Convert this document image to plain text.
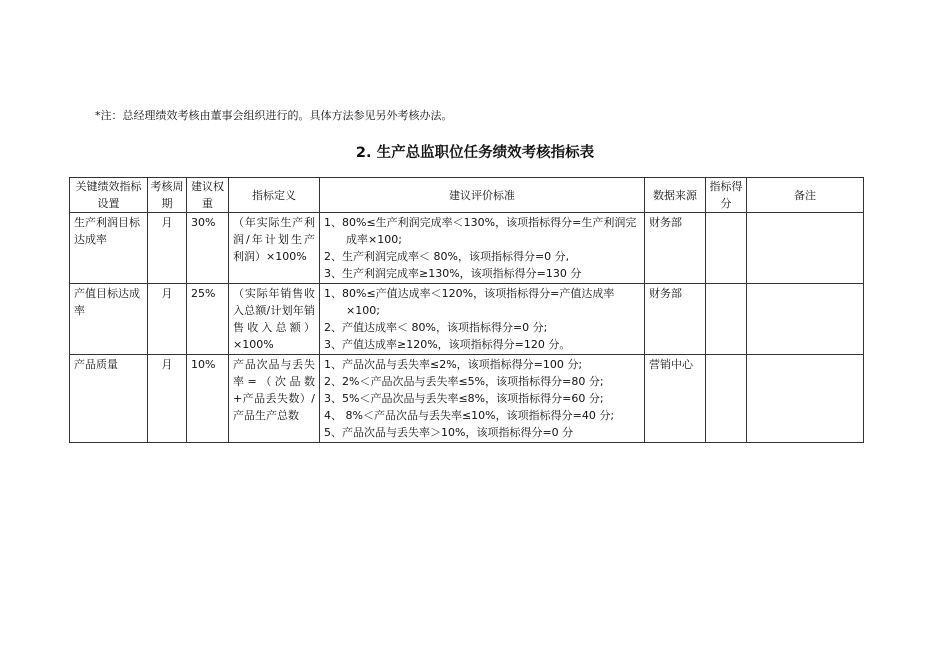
*注：总经理绩效考核由董事会组织进行的。具体方法参见另外考核办法。
2. 生产总监职位任务绩效考核指标表
关键绩效指标设置	考核周期	建议权重	指标定义	建议评价标准	数据来源	指标得分	备注
生产利润目标达成率	月	30%	（年实际生产利润/年计划生产 利润）×100%	1、80%≤生产利润完成率＜130%，该项指标得分=生产利润完成率×100;
2、生产利润完成率＜ 80%，该项指标得分=0 分,
3、生产利润完成率≥130%，该项指标得分=130 分	财务部		
产值目标达成率	月	25%	（实际年销售收入总额/计划年销售收入总额）×100%	1、80%≤产值达成率＜120%，该项指标得分=产值达成率×100;
2、产值达成率＜ 80%，该项指标得分=0 分;
3、产值达成率≥120%，该项指标得分=120 分。	财务部		
产品质量	月	10%	产品次品与丢失率=（次品数+产品丢失数）/产品生产总数	1、产品次品与丢失率≤2%，该项指标得分=100 分;
2、2%＜产品次品与丢失率≤5%，该项指标得分=80 分;
3、5%＜产品次品与丢失率≤8%，该项指标得分=60 分;
4、 8%＜产品次品与丢失率≤10%，该项指标得分=40 分;
5、产品次品与丢失率＞10%，该项指标得分=0 分	营销中心		
